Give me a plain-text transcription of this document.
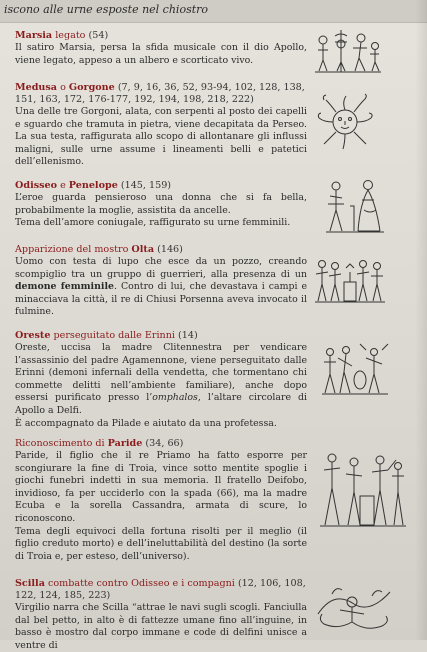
iscono alle urne esposte nel chiostro
Marsia legato (54)
Il satiro Marsia, persa la sfida musicale con il dio Apollo, viene legato, appeso a un albero e scorticato vivo.
Medusa o Gorgone (7, 9, 16, 36, 52, 93-94, 102, 128, 138, 151, 163, 172, 176-177, 192, 194, 198, 218, 222)
Una delle tre Gorgoni, alata, con serpenti al posto dei capelli e sguardo che tramuta in pietra, viene decapitata da Perseo. La sua testa, raffigurata allo scopo di allontanare gli influssi maligni, sulle urne assume i lineamenti belli e patetici dell’ellenismo.
Odisseo e Penelope (145, 159)
L’eroe guarda pensieroso una donna che si fa bella, probabilmente la moglie, assistita da ancelle.
Tema dell’amore coniugale, raffigurato su urne femminili.
Apparizione del mostro Olta (146)
Uomo con testa di lupo che esce da un pozzo, creando scompiglio tra un gruppo di guerrieri, alla presenza di un demone femminile. Contro di lui, che devastava i campi e minacciava la città, il re di Chiusi Porsenna aveva invocato il fulmine.
Oreste perseguitato dalle Erinni (14)
Oreste, uccisa la madre Clitennestra per vendicare l’assassinio del padre Agamennone, viene perseguitato dalle Erinni (demoni infernali della vendetta, che tormentano chi commette delitti nell’ambiente familiare), anche dopo essersi purificato presso l’omphalos, l’altare circolare di Apollo a Delfi.
È accompagnato da Pilade e aiutato da una profetessa.
Riconoscimento di Paride (34, 66)
Paride, il figlio che il re Priamo ha fatto esporre per scongiurare la fine di Troia, vince sotto mentite spoglie i giochi funebri indetti in sua memoria. Il fratello Deifobo, invidioso, fa per ucciderlo con la spada (66), ma la madre Ecuba e la sorella Cassandra, armata di scure, lo riconoscono.
Tema degli equivoci della fortuna risolti per il meglio (il figlio creduto morto) e dell’ineluttabilità del destino (la sorte di Troia e, per esteso, dell’universo).
Scilla combatte contro Odisseo e i compagni (12, 106, 108, 122, 124, 185, 223)
Virgilio narra che Scilla “attrae le navi sugli scogli. Fanciulla dal bel petto, in alto è di fattezze umane fino all’inguine, in basso è mostro dal corpo immane e code di delfini unisce a ventre di
